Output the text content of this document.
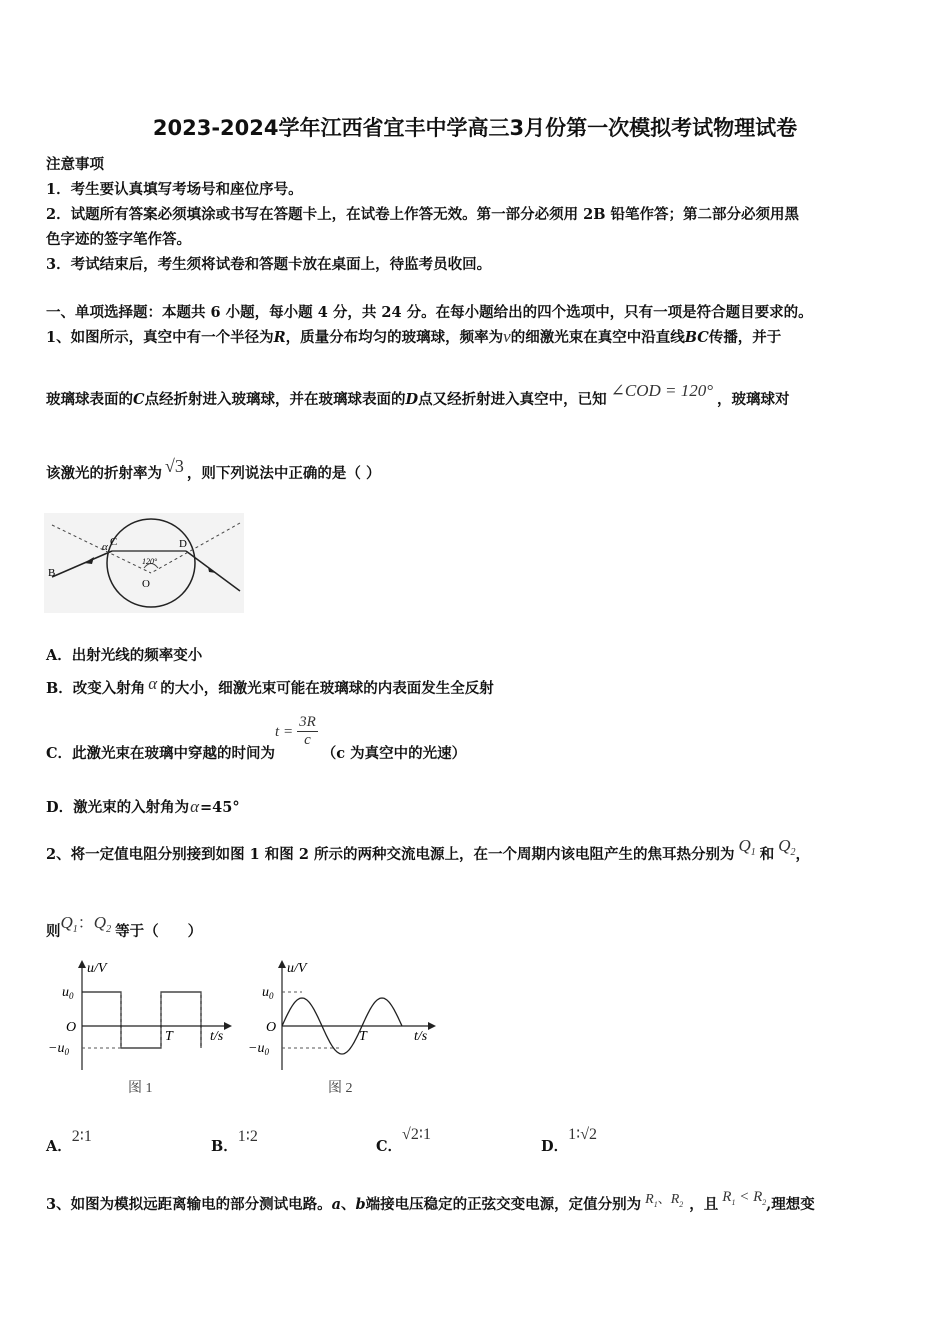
2023-2024学年江西省宜丰中学高三3月份第一次模拟考试物理试卷
注意事项
1．考生要认真填写考场号和座位序号。
2．试题所有答案必须填涂或书写在答题卡上，在试卷上作答无效。第一部分必须用 2B 铅笔作答；第二部分必须用黑
色字迹的签字笔作答。
3．考试结束后，考生须将试卷和答题卡放在桌面上，待监考员收回。
一、单项选择题：本题共 6 小题，每小题 4 分，共 24 分。在每小题给出的四个选项中，只有一项是符合题目要求的。
1、如图所示，真空中有一个半径为R，质量分布均匀的玻璃球，频率为ν的细激光束在真空中沿直线BC传播，并于
玻璃球表面的C点经折射进入玻璃球，并在玻璃球表面的D点又经折射进入真空中，已知 ∠COD = 120° ，玻璃球对
该激光的折射率为 √3 ，则下列说法中正确的是（ ）
α C	D
120°
O
B
A．出射光线的频率变小
B．改变入射角 α 的大小，细激光束可能在玻璃球的内表面发生全反射
C．此激光束在玻璃中穿越的时间为$t = \frac{3R}{c}$
（c 为真空中的光速）
D．激光束的入射角为α=45°
2、将一定值电阻分别接到如图 1 和图 2 所示的两种交流电源上，在一个周期内该电阻产生的焦耳热分别为 $Q_1$ 和 $Q_2$，
则$Q_1$：$Q_2$ 等于（　　）
u/V
$u_0$
O
$-u_0$
T	t/s
图 1
u/V
$u_0$
O
$-u_0$
T	t/s
图 2
A．2∶1
B．1∶2
C．√2∶1
D．1∶√2
3、如图为模拟远距离输电的部分测试电路。a、b端接电压稳定的正弦交变电源，定值分别为 $R_1$、$R_2$ ，且 $R_1 < R_2$,理想变
